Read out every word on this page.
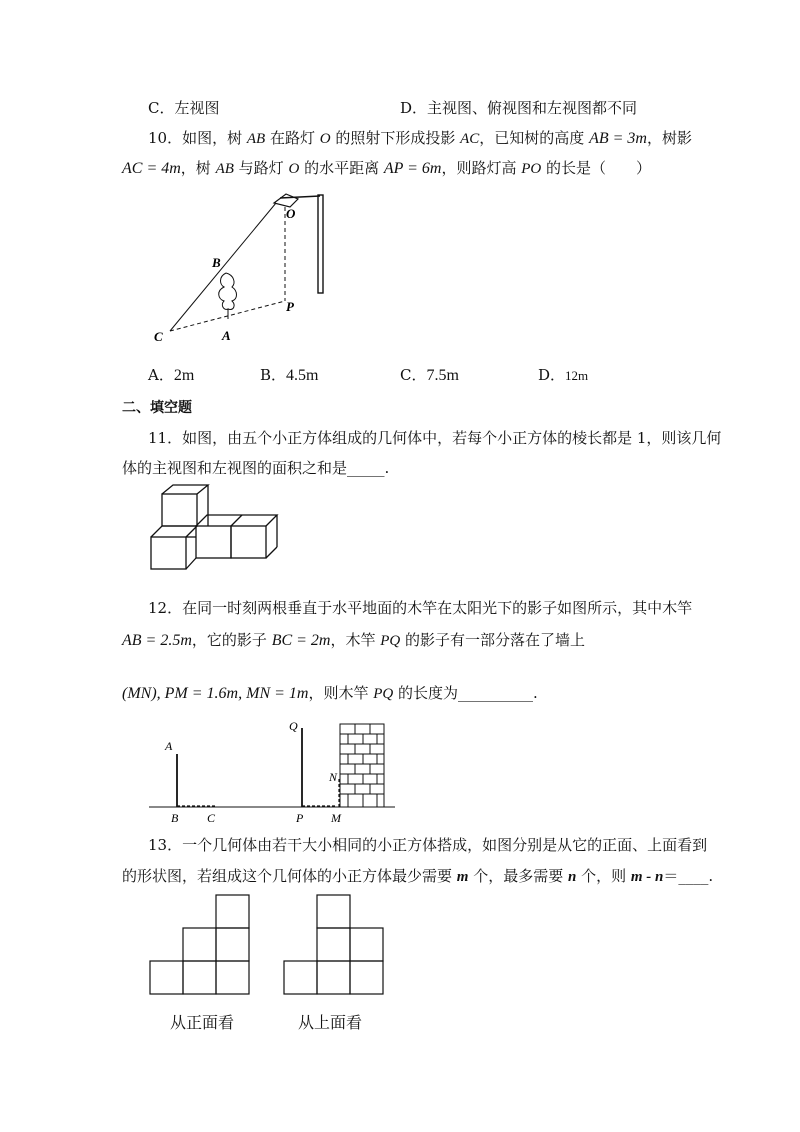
C．左视图	D．主视图、俯视图和左视图都不同
10．如图，树 AB 在路灯 O 的照射下形成投影 AC，已知树的高度 AB = 3m，树影
AC = 4m，树 AB 与路灯 O 的水平距离 AP = 6m，则路灯高 PO 的长是（　　）
O
B
P
C	A
A．2m	B．4.5m	C．7.5m	D．12m
二、填空题
11．如图，由五个小正方体组成的几何体中，若每个小正方体的棱长都是 1，则该几何
体的主视图和左视图的面积之和是_____.
12．在同一时刻两根垂直于水平地面的木竿在太阳光下的影子如图所示，其中木竿
AB = 2.5m，它的影子 BC = 2m，木竿 PQ 的影子有一部分落在了墙上
(MN), PM = 1.6m, MN = 1m，则木竿 PQ 的长度为__________.
A
B C
Q
P M
N
13．一个几何体由若干大小相同的小正方体搭成，如图分别是从它的正面、上面看到
的形状图，若组成这个几何体的小正方体最少需要 m 个，最多需要 n 个，则 m - n＝____.
从正面看	从上面看
